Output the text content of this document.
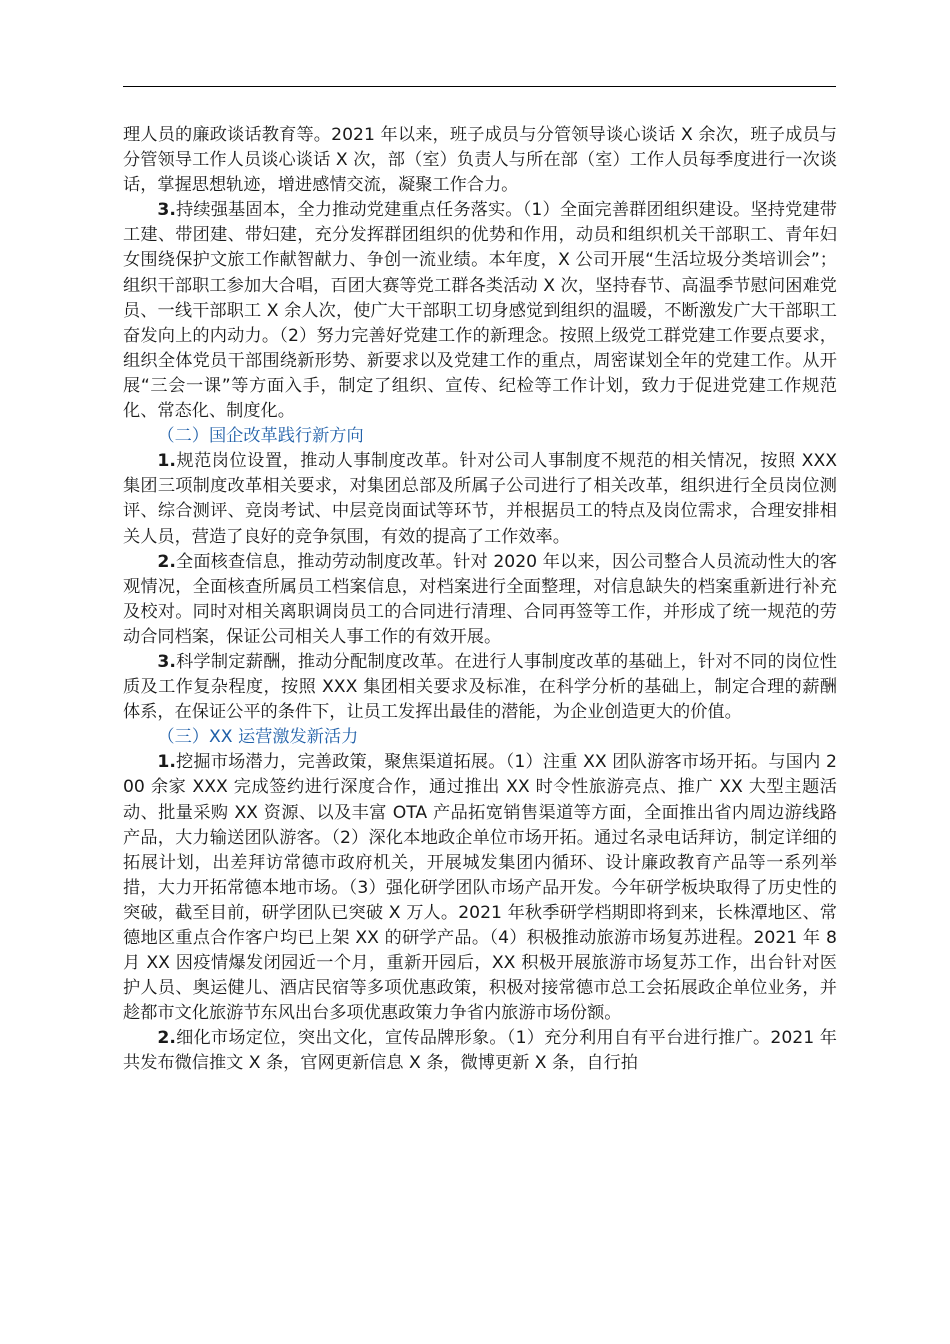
理人员的廉政谈话教育等。2021 年以来，班子成员与分管领导谈心谈话 X 余次，班子成员与分管领导工作人员谈心谈话 X 次，部（室）负责人与所在部（室）工作人员每季度进行一次谈话，掌握思想轨迹，增进感情交流，凝聚工作合力。

3.持续强基固本，全力推动党建重点任务落实。（1）全面完善群团组织建设。坚持党建带工建、带团建、带妇建，充分发挥群团组织的优势和作用，动员和组织机关干部职工、青年妇女围绕保护文旅工作献智献力、争创一流业绩。本年度，X 公司开展“生活垃圾分类培训会”；组织干部职工参加大合唱，百团大赛等党工群各类活动 X 次，坚持春节、高温季节慰问困难党员、一线干部职工 X 余人次，使广大干部职工切身感觉到组织的温暖，不断激发广大干部职工奋发向上的内动力。（2）努力完善好党建工作的新理念。按照上级党工群党建工作要点要求，组织全体党员干部围绕新形势、新要求以及党建工作的重点，周密谋划全年的党建工作。从开展“三会一课”等方面入手，制定了组织、宣传、纪检等工作计划，致力于促进党建工作规范化、常态化、制度化。

（二）国企改革践行新方向

1.规范岗位设置，推动人事制度改革。针对公司人事制度不规范的相关情况，按照 XXX 集团三项制度改革相关要求，对集团总部及所属子公司进行了相关改革，组织进行全员岗位测评、综合测评、竞岗考试、中层竞岗面试等环节，并根据员工的特点及岗位需求，合理安排相关人员，营造了良好的竞争氛围，有效的提高了工作效率。

2.全面核查信息，推动劳动制度改革。针对 2020 年以来，因公司整合人员流动性大的客观情况，全面核查所属员工档案信息，对档案进行全面整理，对信息缺失的档案重新进行补充及校对。同时对相关离职调岗员工的合同进行清理、合同再签等工作，并形成了统一规范的劳动合同档案，保证公司相关人事工作的有效开展。

3.科学制定薪酬，推动分配制度改革。在进行人事制度改革的基础上，针对不同的岗位性质及工作复杂程度，按照 XXX 集团相关要求及标准，在科学分析的基础上，制定合理的薪酬体系，在保证公平的条件下，让员工发挥出最佳的潜能，为企业创造更大的价值。

（三）XX 运营激发新活力

1.挖掘市场潜力，完善政策，聚焦渠道拓展。（1）注重 XX 团队游客市场开拓。与国内 200 余家 XXX 完成签约进行深度合作，通过推出 XX 时令性旅游亮点、推广 XX 大型主题活动、批量采购 XX 资源、以及丰富 OTA 产品拓宽销售渠道等方面，全面推出省内周边游线路产品，大力输送团队游客。（2）深化本地政企单位市场开拓。通过名录电话拜访，制定详细的拓展计划，出差拜访常德市政府机关，开展城发集团内循环、设计廉政教育产品等一系列举措，大力开拓常德本地市场。（3）强化研学团队市场产品开发。今年研学板块取得了历史性的突破，截至目前，研学团队已突破 X 万人。2021 年秋季研学档期即将到来，长株潭地区、常德地区重点合作客户均已上架 XX 的研学产品。（4）积极推动旅游市场复苏进程。2021 年 8 月 XX 因疫情爆发闭园近一个月，重新开园后，XX 积极开展旅游市场复苏工作，出台针对医护人员、奥运健儿、酒店民宿等多项优惠政策，积极对接常德市总工会拓展政企单位业务，并趁都市文化旅游节东风出台多项优惠政策力争省内旅游市场份额。

2.细化市场定位，突出文化，宣传品牌形象。（1）充分利用自有平台进行推广。2021 年共发布微信推文 X 条，官网更新信息 X 条，微博更新 X 条，自行拍
